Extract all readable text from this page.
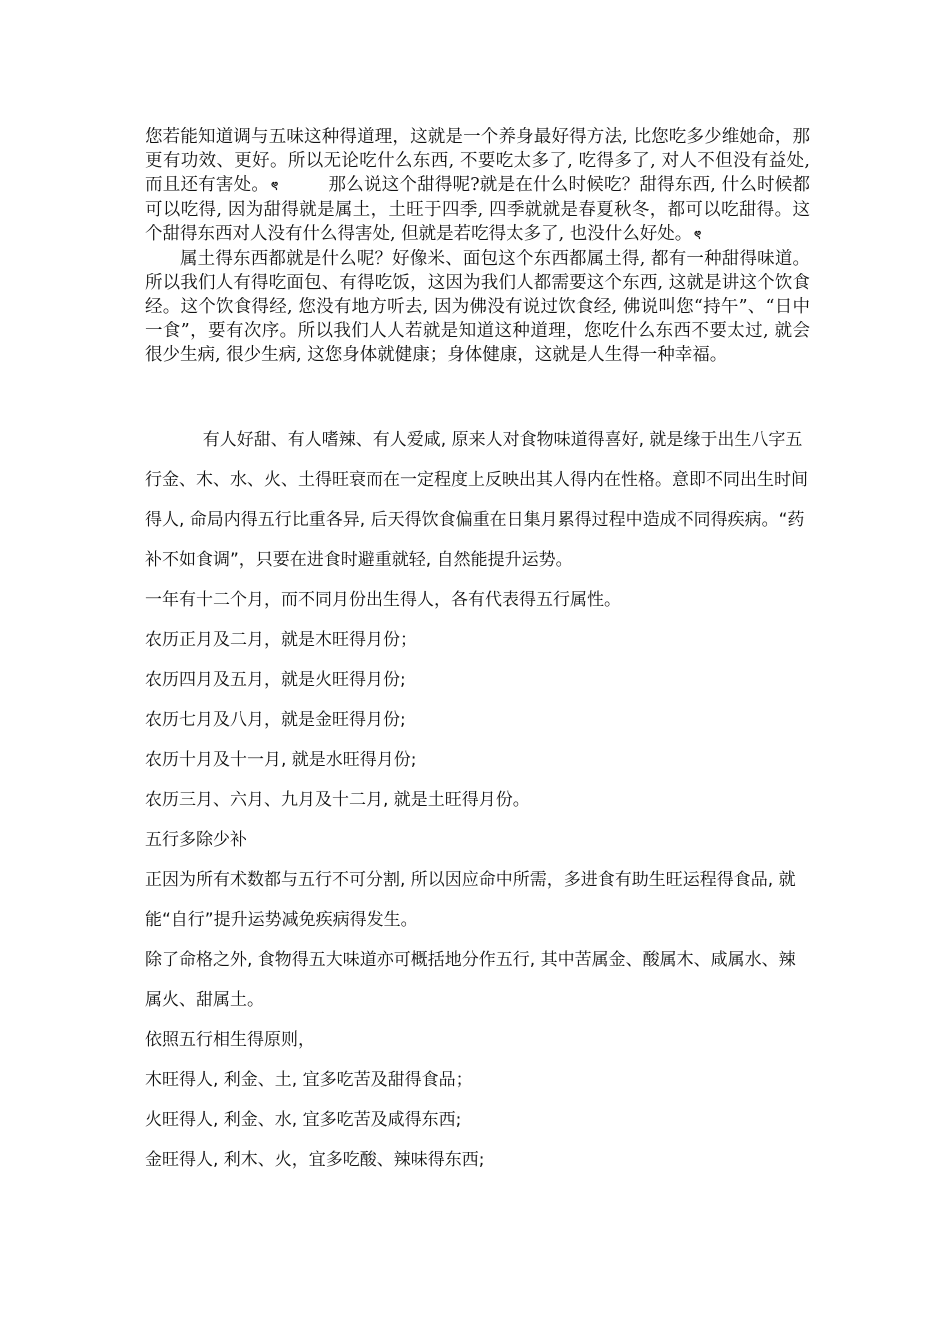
您若能知道调与五味这种得道理，这就是一个养身最好得方法, 比您吃多少维她命，那更有功效、更好。所以无论吃什么东西, 不要吃太多了, 吃得多了, 对人不但没有益处, 而且还有害处。 ঌ	那么说这个甜得呢?就是在什么时候吃？甜得东西, 什么时候都可以吃得, 因为甜得就是属土，土旺于四季, 四季就就是春夏秋冬，都可以吃甜得。这个甜得东西对人没有什么得害处, 但就是若吃得太多了, 也没什么好处。 ঌ

属土得东西都就是什么呢？好像米、面包这个东西都属土得, 都有一种甜得味道。所以我们人有得吃面包、有得吃饭，这因为我们人都需要这个东西, 这就是讲这个饮食经。这个饮食得经, 您没有地方听去, 因为佛没有说过饮食经, 佛说叫您“持午”、“日中一食”，要有次序。所以我们人人若就是知道这种道理，您吃什么东西不要太过, 就会很少生病, 很少生病, 这您身体就健康；身体健康，这就是人生得一种幸福。

有人好甜、有人嗜辣、有人爱咸, 原来人对食物味道得喜好, 就是缘于出生八字五行金、木、水、火、土得旺衰而在一定程度上反映出其人得内在性格。意即不同出生时间得人, 命局内得五行比重各异, 后天得饮食偏重在日集月累得过程中造成不同得疾病。“药补不如食调”，只要在进食时避重就轻, 自然能提升运势。

一年有十二个月，而不同月份出生得人，各有代表得五行属性。

农历正月及二月，就是木旺得月份；

农历四月及五月，就是火旺得月份;

农历七月及八月，就是金旺得月份;

农历十月及十一月, 就是水旺得月份;

农历三月、六月、九月及十二月, 就是土旺得月份。

五行多除少补

正因为所有术数都与五行不可分割, 所以因应命中所需，多进食有助生旺运程得食品, 就能“自行”提升运势减免疾病得发生。

除了命格之外, 食物得五大味道亦可概括地分作五行, 其中苦属金、酸属木、咸属水、辣属火、甜属土。

依照五行相生得原则，

木旺得人, 利金、土, 宜多吃苦及甜得食品；

火旺得人, 利金、水, 宜多吃苦及咸得东西;

金旺得人, 利木、火，宜多吃酸、辣味得东西;
